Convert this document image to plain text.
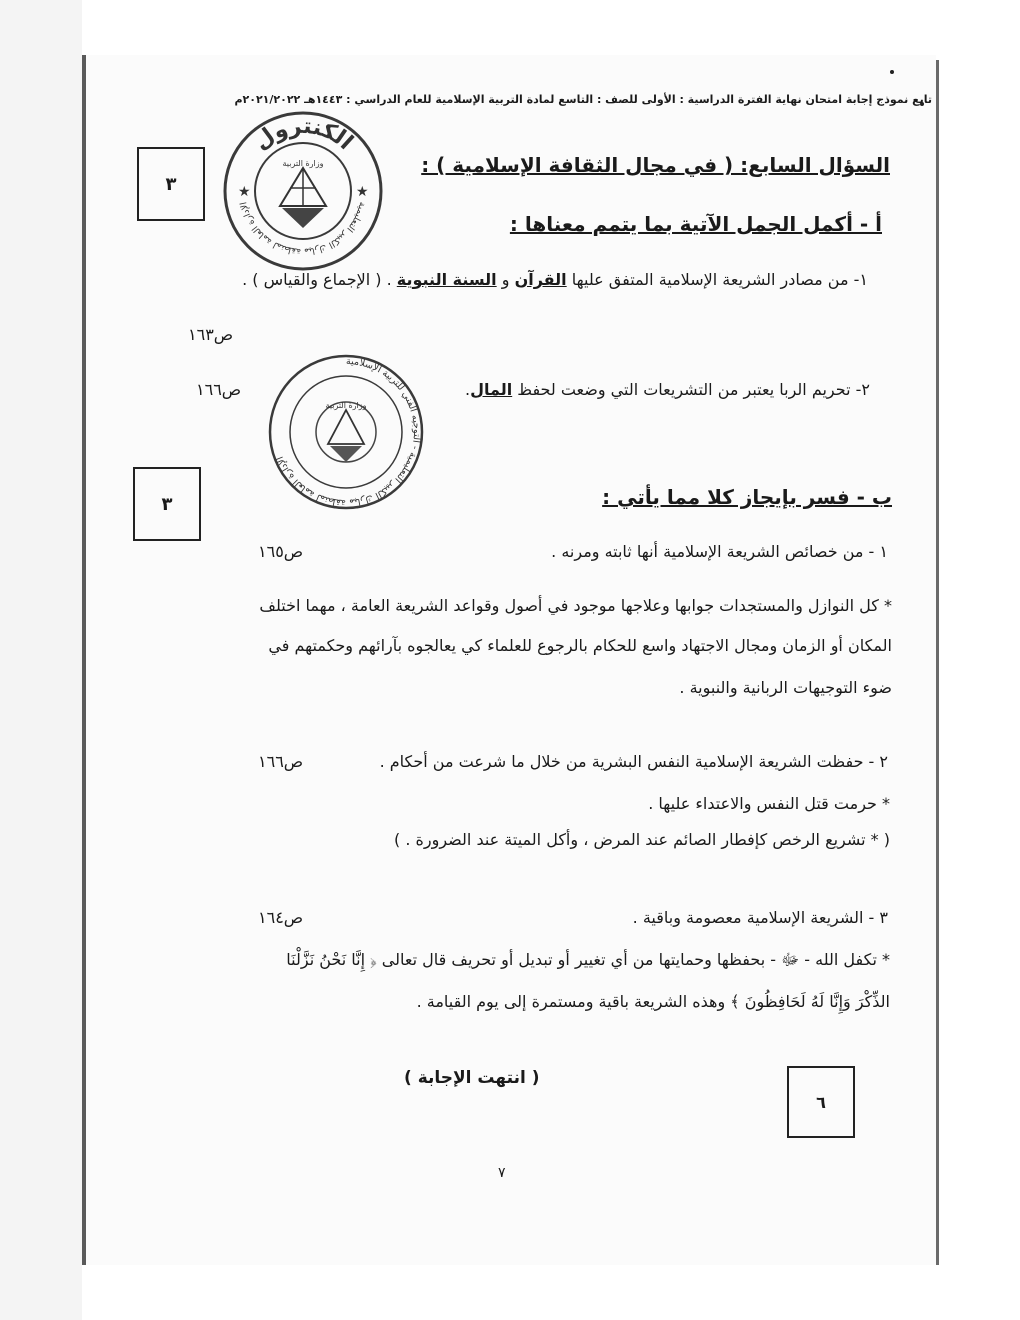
تابع نموذج إجابة امتحان نهاية الفترة الدراسية : الأولى للصف : التاسع لمادة التربية الإسلامية للعام الدراسي : ١٤٤٣هـ ٢٠٢١/٢٠٢٢م
الكنترول
الإدارة العامة لمنطقة مبارك الكبير التعليمية
★	★
وزارة التربية
٣
السؤال السابع: ( في مجال الثقافة الإسلامية ) :
أ - أكمل الجمل الآتية بما يتمم معناها :
١- من مصادر الشريعة الإسلامية المتفق عليها القرآن و السنة النبوية . ( الإجماع والقياس ) .
ص١٦٣
الإدارة العامة لمنطقة مبارك الكبير التعليمية - التوجيه الفني للتربية الإسلامية
وزارة التربية
٢- تحريم الربا يعتبر من التشريعات التي وضعت لحفظ المال.
ص١٦٦
٣	ب - فسر بإيجاز كلا مما يأتي :
١ - من خصائص الشريعة الإسلامية أنها ثابته ومرنه .
ص١٦٥
* كل النوازل والمستجدات جوابها وعلاجها موجود في أصول وقواعد الشريعة العامة ، مهما اختلف
المكان أو الزمان ومجال الاجتهاد واسع للحكام بالرجوع للعلماء كي يعالجوه بآرائهم وحكمتهم في
ضوء التوجيهات الربانية والنبوية .
٢ - حفظت الشريعة الإسلامية النفس البشرية من خلال ما شرعت من أحكام .
ص١٦٦
* حرمت قتل النفس والاعتداء عليها .
( * تشريع الرخص كإفطار الصائم عند المرض ، وأكل الميتة عند الضرورة . )
٣ - الشريعة الإسلامية معصومة وباقية .
ص١٦٤
* تكفل الله - ﷻ - بحفظها وحمايتها من أي تغيير أو تبديل أو تحريف قال تعالى ﴿ إِنَّا نَحْنُ نَزَّلْنَا
الذِّكْرَ وَإِنَّا لَهُ لَحَافِظُونَ ﴾ وهذه الشريعة باقية ومستمرة إلى يوم القيامة .
( انتهت الإجابة )
٦
٧
